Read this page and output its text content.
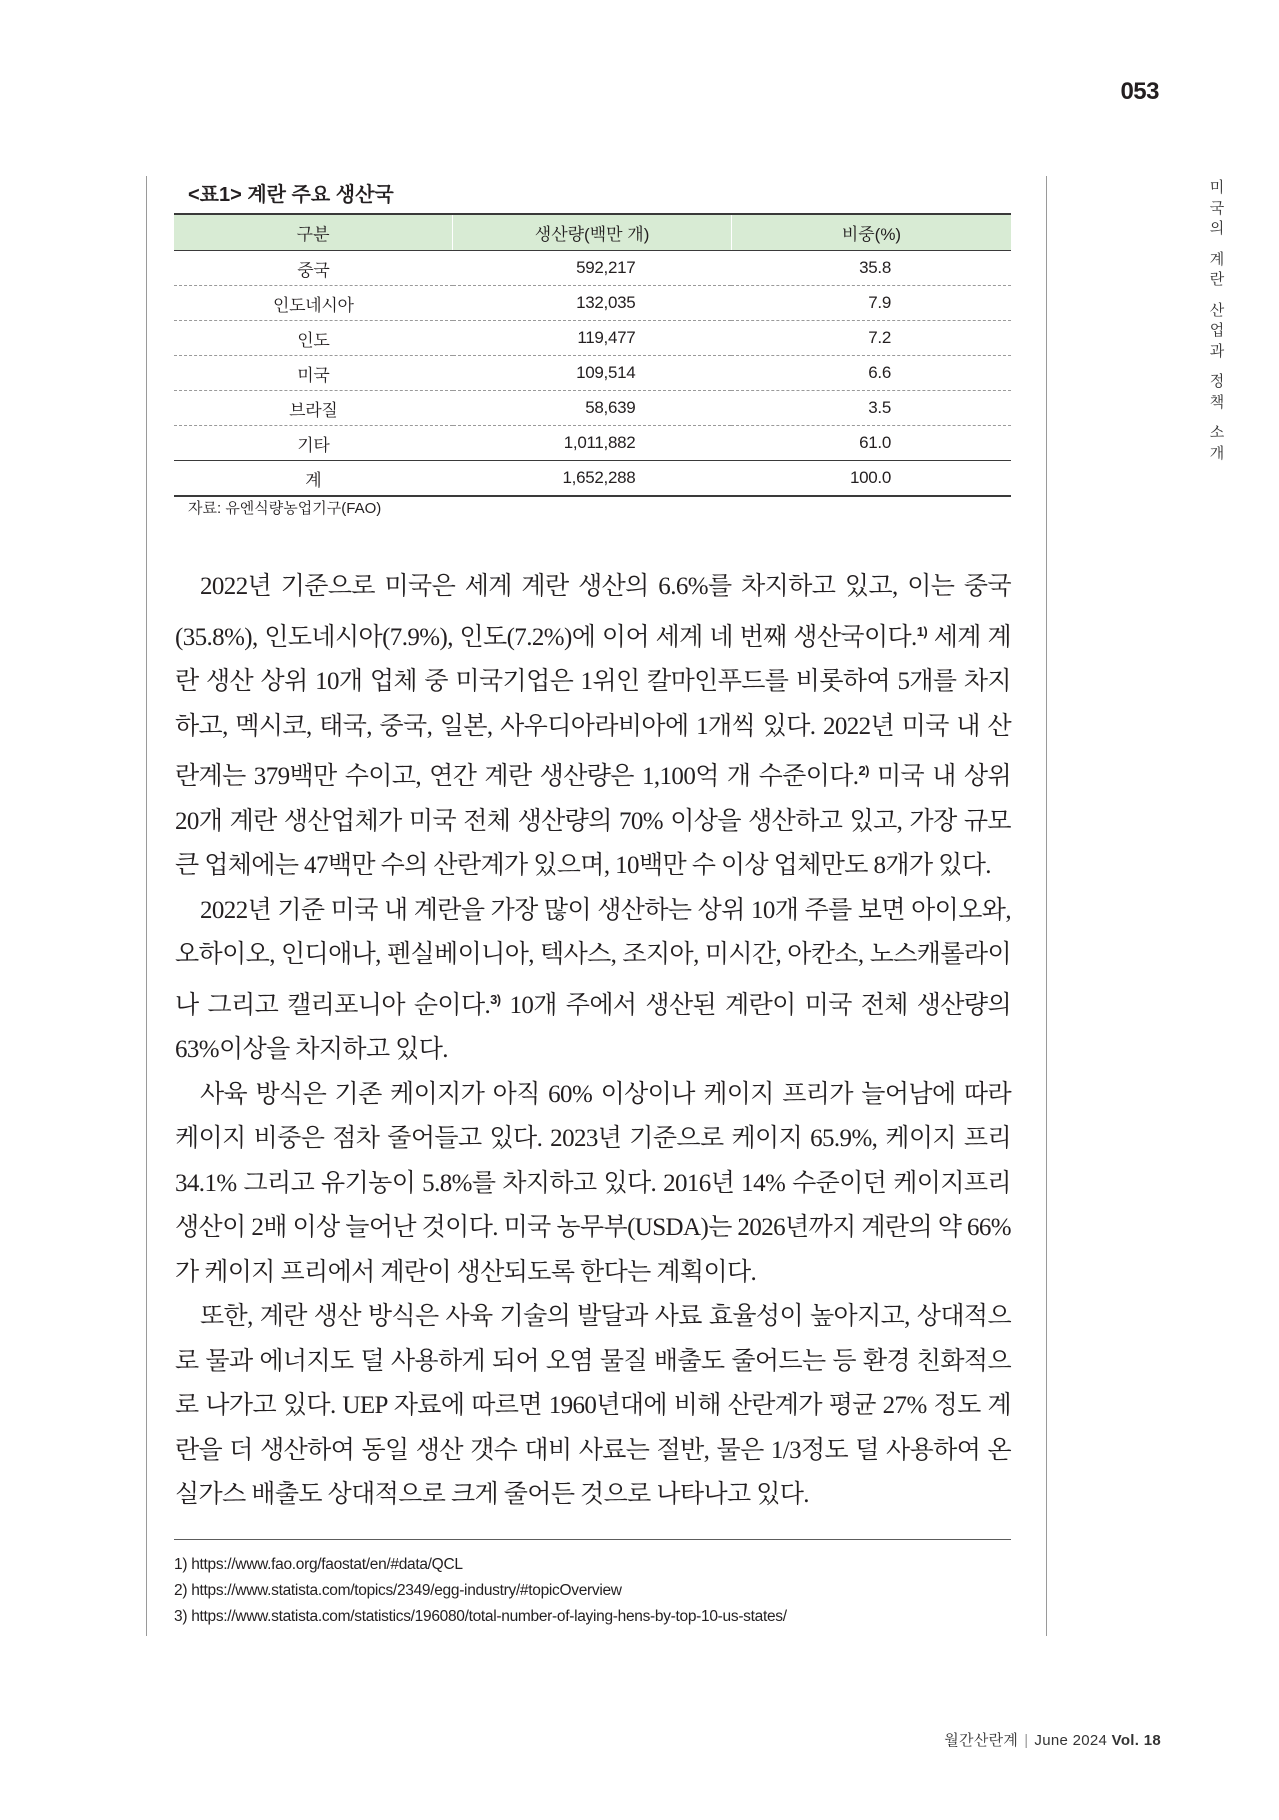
053
미
국
의
계
란
산
업
과
정
책
소
개
<표1> 계란 주요 생산국
구분	생산량(백만 개)	비중(%)
중국	592,217	35.8
인도네시아	132,035	7.9
인도	119,477	7.2
미국	109,514	6.6
브라질	58,639	3.5
기타	1,011,882	61.0
계	1,652,288	100.0
자료: 유엔식량농업기구(FAO)

2022년 기준으로 미국은 세계 계란 생산의 6.6%를 차지하고 있고, 이는 중국(35.8%), 인도네시아(7.9%), 인도(7.2%)에 이어 세계 네 번째 생산국이다.$^{1)}$ 세계 계란 생산 상위 10개 업체 중 미국기업은 1위인 칼마인푸드를 비롯하여 5개를 차지하고, 멕시코, 태국, 중국, 일본, 사우디아라비아에 1개씩 있다. 2022년 미국 내 산란계는 379백만 수이고, 연간 계란 생산량은 1,100억 개 수준이다.$^{2)}$ 미국 내 상위 20개 계란 생산업체가 미국 전체 생산량의 70% 이상을 생산하고 있고, 가장 규모 큰 업체에는 47백만 수의 산란계가 있으며, 10백만 수 이상 업체만도 8개가 있다.

2022년 기준 미국 내 계란을 가장 많이 생산하는 상위 10개 주를 보면 아이오와, 오하이오, 인디애나, 펜실베이니아, 텍사스, 조지아, 미시간, 아칸소, 노스캐롤라이나 그리고 캘리포니아 순이다.$^{3)}$ 10개 주에서 생산된 계란이 미국 전체 생산량의 63%이상을 차지하고 있다.

사육 방식은 기존 케이지가 아직 60% 이상이나 케이지 프리가 늘어남에 따라 케이지 비중은 점차 줄어들고 있다. 2023년 기준으로 케이지 65.9%, 케이지 프리 34.1% 그리고 유기농이 5.8%를 차지하고 있다. 2016년 14% 수준이던 케이지프리 생산이 2배 이상 늘어난 것이다. 미국 농무부(USDA)는 2026년까지 계란의 약 66%가 케이지 프리에서 계란이 생산되도록 한다는 계획이다.

또한, 계란 생산 방식은 사육 기술의 발달과 사료 효율성이 높아지고, 상대적으로 물과 에너지도 덜 사용하게 되어 오염 물질 배출도 줄어드는 등 환경 친화적으로 나가고 있다. UEP 자료에 따르면 1960년대에 비해 산란계가 평균 27% 정도 계란을 더 생산하여 동일 생산 갯수 대비 사료는 절반, 물은 1/3정도 덜 사용하여 온실가스 배출도 상대적으로 크게 줄어든 것으로 나타나고 있다.

1) https://www.fao.org/faostat/en/#data/QCL
2) https://www.statista.com/topics/2349/egg-industry/#topicOverview
3) https://www.statista.com/statistics/196080/total-number-of-laying-hens-by-top-10-us-states/
월간산란계 | June 2024 Vol. 18
